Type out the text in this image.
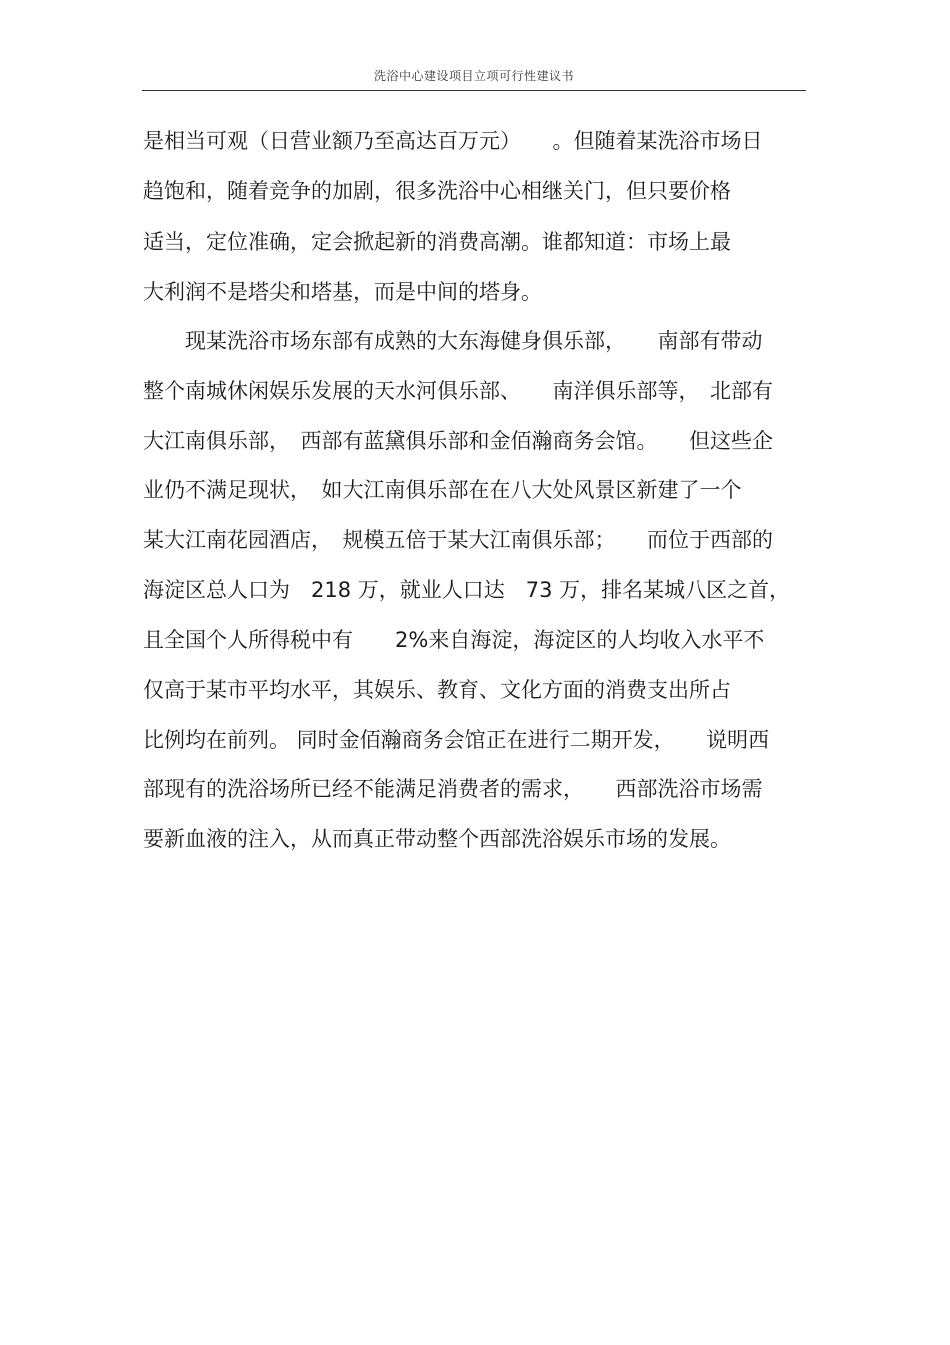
洗浴中心建设项目立项可行性建议书
是相当可观（日营业额乃至高达百万元）　　。但随着某洗浴市场日
趋饱和，随着竞争的加剧，很多洗浴中心相继关门，但只要价格
适当，定位准确，定会掀起新的消费高潮。谁都知道：市场上最
大利润不是塔尖和塔基，而是中间的塔身。
　　现某洗浴市场东部有成熟的大东海健身俱乐部，　　南部有带动
整个南城休闲娱乐发展的天水河俱乐部、　　南洋俱乐部等，　北部有
大江南俱乐部，　西部有蓝黛俱乐部和金佰瀚商务会馆。　　但这些企
业仍不满足现状，　如大江南俱乐部在在八大处风景区新建了一个
某大江南花园酒店，　规模五倍于某大江南俱乐部；　　而位于西部的
海淀区总人口为　218 万，就业人口达　73 万，排名某城八区之首，
且全国个人所得税中有　　2%来自海淀，海淀区的人均收入水平不
仅高于某市平均水平，其娱乐、教育、文化方面的消费支出所占
比例均在前列。 同时金佰瀚商务会馆正在进行二期开发，　　说明西
部现有的洗浴场所已经不能满足消费者的需求，　　西部洗浴市场需
要新血液的注入，从而真正带动整个西部洗浴娱乐市场的发展。
